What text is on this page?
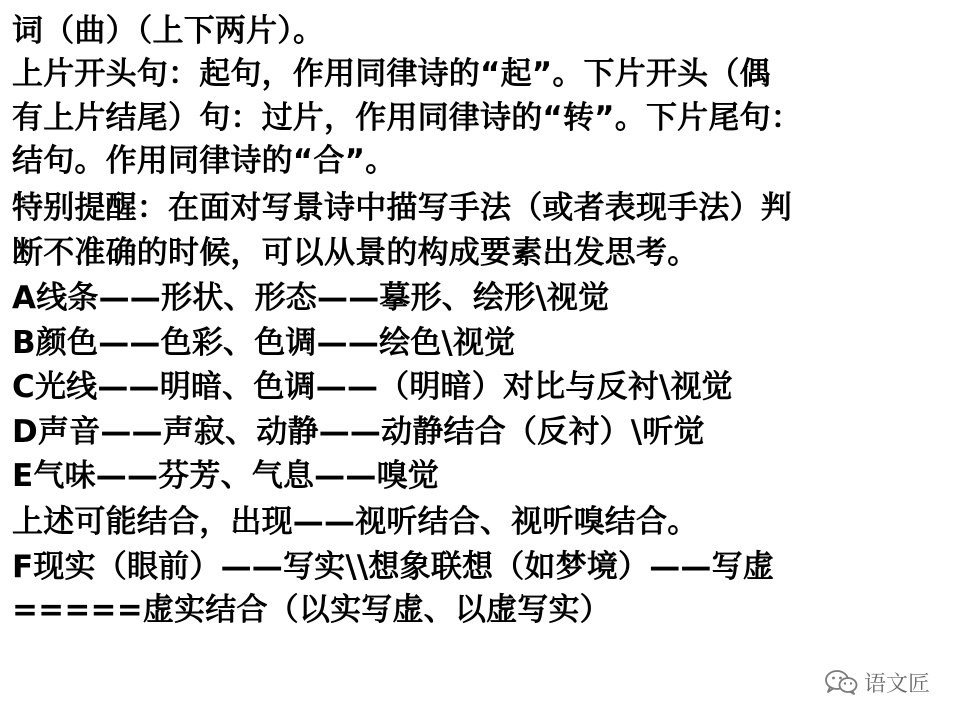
词（曲）（上下两片）。
上片开头句：起句，作用同律诗的“起”。下片开头（偶
有上片结尾）句：过片，作用同律诗的“转”。下片尾句：
结句。作用同律诗的“合”。
特别提醒：在面对写景诗中描写手法（或者表现手法）判
断不准确的时候，可以从景的构成要素出发思考。
A线条——形状、形态——摹形、绘形\视觉
B颜色——色彩、色调——绘色\视觉
C光线——明暗、色调——（明暗）对比与反衬\视觉
D声音——声寂、动静——动静结合（反衬）\听觉
E气味——芬芳、气息——嗅觉
上述可能结合，出现——视听结合、视听嗅结合。
F现实（眼前）——写实\\想象联想（如梦境）——写虚
=====虚实结合（以实写虚、以虚写实）
语文匠
